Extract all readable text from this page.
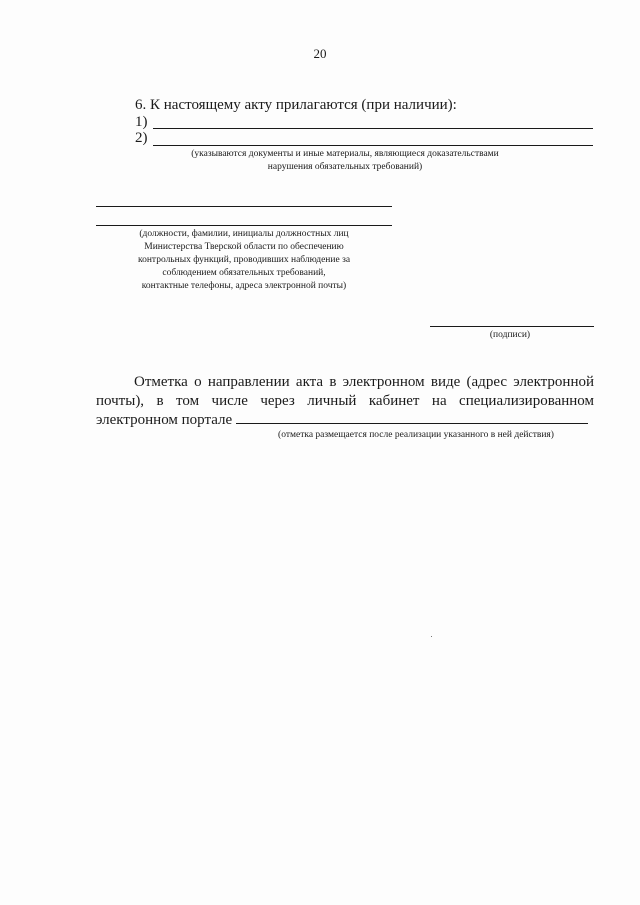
20
6. К настоящему акту прилагаются (при наличии):
1)
2)
(указываются документы и иные материалы, являющиеся доказательствами
нарушения обязательных требований)
(должности, фамилии, инициалы должностных лиц
Министерства Тверской области по обеспечению
контрольных функций, проводивших наблюдение за
соблюдением обязательных требований,
контактные телефоны, адреса электронной почты)
(подписи)
Отметка о направлении акта в электронном виде (адрес электронной
почты), в том числе через личный кабинет на специализированном
электронном портале
(отметка размещается после реализации указанного в ней действия)
